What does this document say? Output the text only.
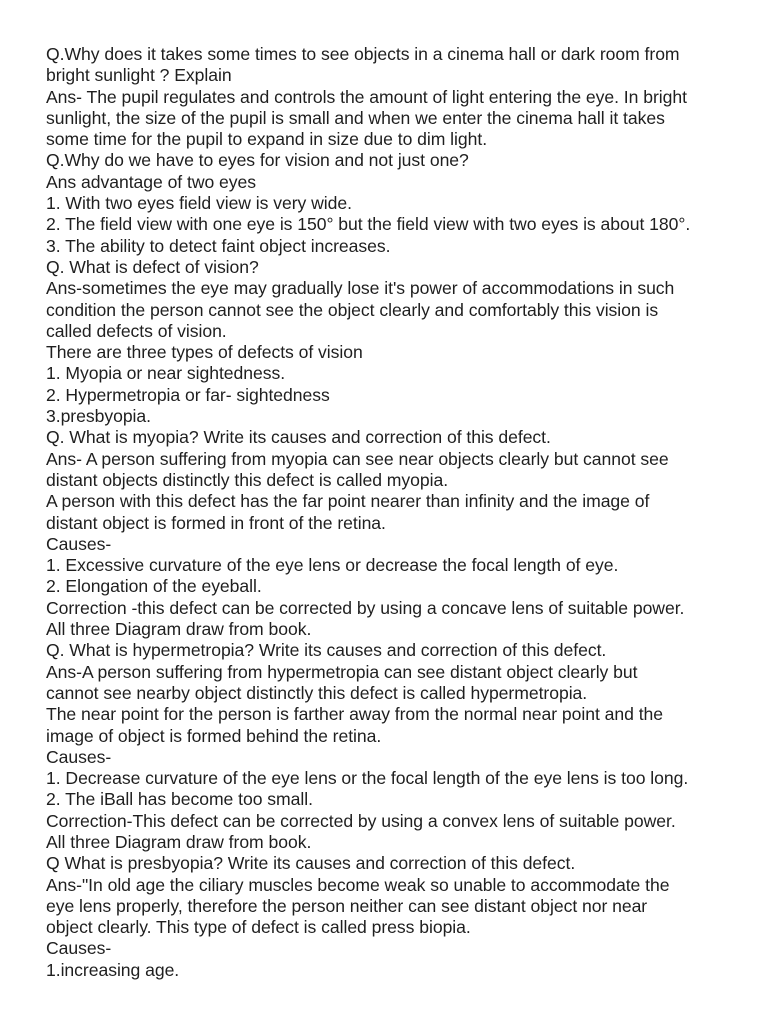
Q.Why does it takes some times to see objects in a cinema hall or dark room from
bright sunlight ? Explain
Ans- The pupil regulates and controls the amount of light entering the eye. In bright
sunlight, the size of the pupil is small and when we enter the cinema hall it takes
some time for the pupil to expand in size due to dim light.
Q.Why do we have to eyes for vision and not just one?
Ans advantage of two eyes
1. With two eyes field view is very wide.
2. The field view with one eye is 150° but the field view with two eyes is about 180°.
3. The ability to detect faint object increases.
Q. What is defect of vision?
Ans-sometimes the eye may gradually lose it's power of accommodations in such
condition the person cannot see the object clearly and comfortably this vision is
called defects of vision.
There are three types of defects of vision
1. Myopia or near sightedness.
2. Hypermetropia or far- sightedness
3.presbyopia.
Q. What is myopia? Write its causes and correction of this defect.
Ans- A person suffering from myopia can see near objects clearly but cannot see
distant objects distinctly this defect is called myopia.
A person with this defect has the far point nearer than infinity and the image of
distant object is formed in front of the retina.
Causes-
1. Excessive curvature of the eye lens or decrease the focal length of eye.
2. Elongation of the eyeball.
Correction -this defect can be corrected by using a concave lens of suitable power.
All three Diagram draw from book.
Q. What is hypermetropia? Write its causes and correction of this defect.
Ans-A person suffering from hypermetropia can see distant object clearly but
cannot see nearby object distinctly this defect is called hypermetropia.
The near point for the person is farther away from the normal near point and the
image of object is formed behind the retina.
Causes-
1. Decrease curvature of the eye lens or the focal length of the eye lens is too long.
2. The iBall has become too small.
Correction-This defect can be corrected by using a convex lens of suitable power.
All three Diagram draw from book.
Q What is presbyopia? Write its causes and correction of this defect.
Ans-"In old age the ciliary muscles become weak so unable to accommodate the
eye lens properly, therefore the person neither can see distant object nor near
object clearly. This type of defect is called press biopia.
Causes-
1.increasing age.
